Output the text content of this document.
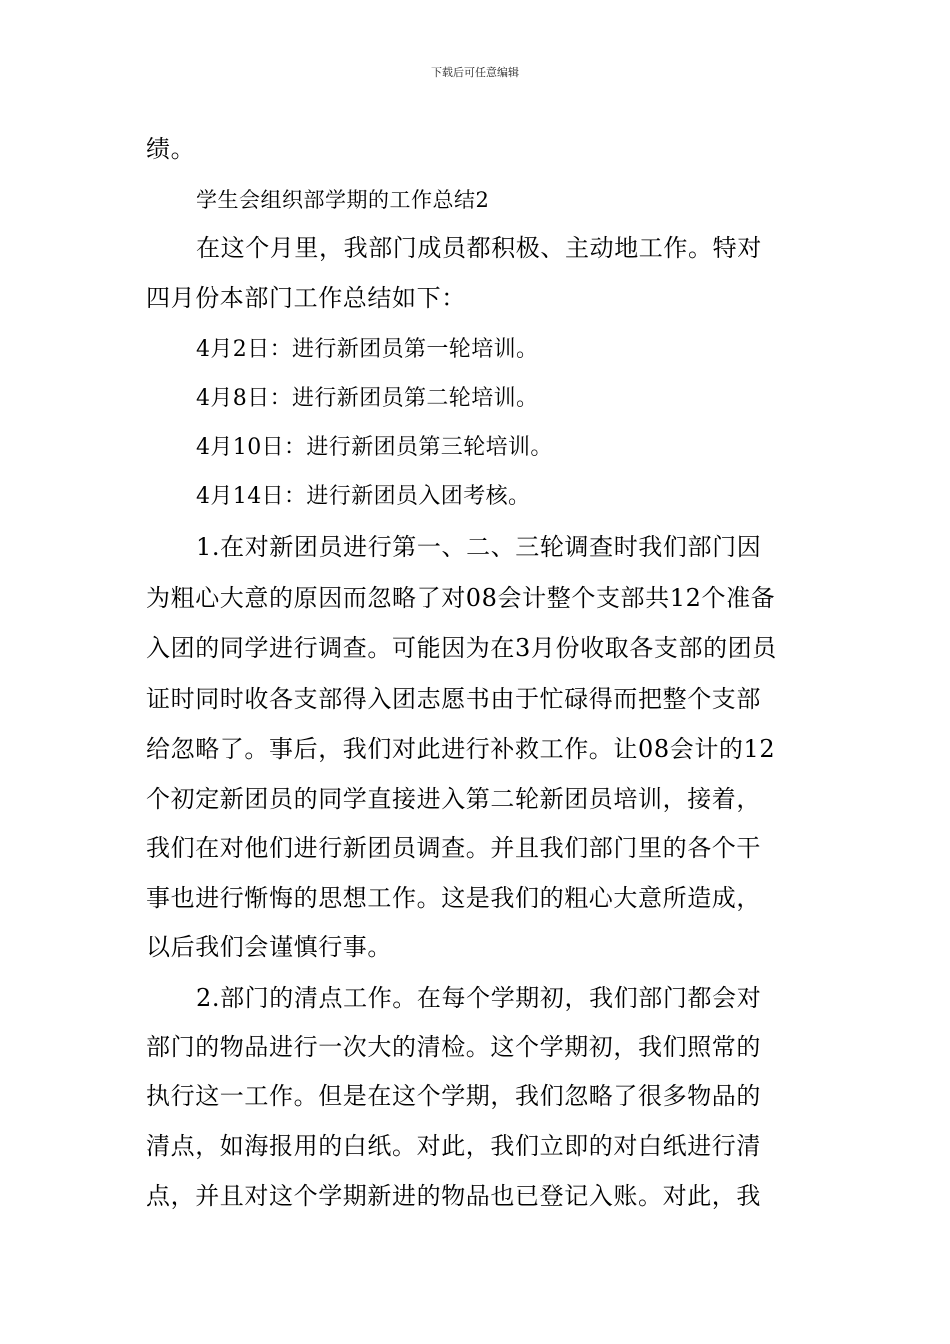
下载后可任意编辑
绩。
学生会组织部学期的工作总结2
在这个月里，我部门成员都积极、主动地工作。特对
四月份本部门工作总结如下：
4月2日：进行新团员第一轮培训。
4月8日：进行新团员第二轮培训。
4月10日：进行新团员第三轮培训。
4月14日：进行新团员入团考核。
1.在对新团员进行第一、二、三轮调查时我们部门因
为粗心大意的原因而忽略了对08会计整个支部共12个准备
入团的同学进行调查。可能因为在3月份收取各支部的团员
证时同时收各支部得入团志愿书由于忙碌得而把整个支部
给忽略了。事后，我们对此进行补救工作。让08会计的12
个初定新团员的同学直接进入第二轮新团员培训，接着，
我们在对他们进行新团员调查。并且我们部门里的各个干
事也进行惭悔的思想工作。这是我们的粗心大意所造成，
以后我们会谨慎行事。
2.部门的清点工作。在每个学期初，我们部门都会对
部门的物品进行一次大的清检。这个学期初，我们照常的
执行这一工作。但是在这个学期，我们忽略了很多物品的
清点，如海报用的白纸。对此，我们立即的对白纸进行清
点，并且对这个学期新进的物品也已登记入账。对此，我
